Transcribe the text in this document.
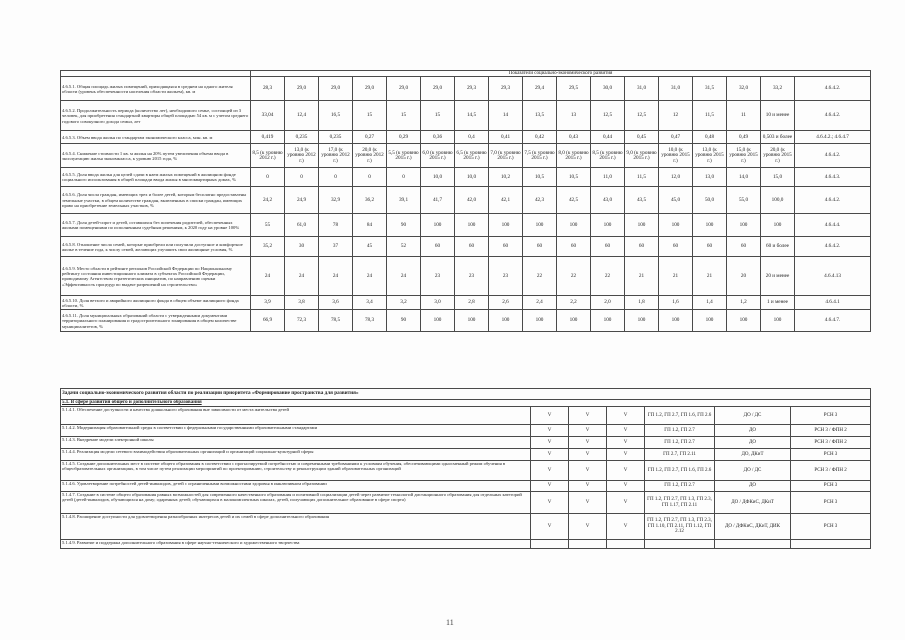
	Показатели социально-экономического развития																
4.6.5.1. Общая площадь жилых помещений, приходящаяся в среднем на одного жителя области (уровень обеспеченности населения области жильем), кв. м	28,3	29,0	29,0	29,0	29,0	29,0	29,3	29,3	29,4	29,5	30,0	31,0	31,0	31,5	32,0	33,2	4.6.4.2.
4.6.5.2. Продолжительность периода (количество лет), необходимого семье, состоящей из 3 человек, для приобретения стандартной квартиры общей площадью 54 кв. м с учетом среднего годового совокупного дохода семьи, лет	33,04	12,4	16,5	15	15	15	14,5	14	13,5	13	12,5	12,5	12	11,5	11	10 и менее	4.6.4.2.
4.6.5.3. Объем ввода жилья по стандартам экономического класса, млн. кв. м	0,419	0,235	0,235	0,27	0,29	0,36	0,4	0,41	0,42	0,43	0,44	0,45	0,47	0,48	0,49	0,503 и более	4.6.4.2.; 4.6.4.7
4.6.5.4. Снижение стоимости 1 кв. м жилья на 20% путем увеличения объема ввода в эксплуатацию жилья экономкласса, к уровню 2015 года, %	8,5 (к уровню 2012 г.)	13,0 (к уровню 2012 г.)	17,0 (к уровню 2012 г.)	20,0 (к уровню 2012 г.)	5,5 (к уровню 2015 г.)	6,0 (к уровню 2015 г.)	6,5 (к уровню 2015 г.)	7,0 (к уровню 2015 г.)	7,5 (к уровню 2015 г.)	8,0 (к уровню 2015 г.)	8,5 (к уровню 2015 г.)	9,0 (к уровню 2015 г.)	10,0 (к уровню 2015 г.)	13,0 (к уровню 2015 г.)	15,0 (к уровню 2015 г.)	20,0 (к уровню 2015 г.)	4.6.4.2.
4.6.5.5. Доля ввода жилья для целей сдачи в наем жилых помещений в жилищном фонде социального использования в общей площади ввода жилья в многоквартирных домах, %	0	0	0	0	0	10,0	10,0	10,2	10,5	10,5	11,0	11,5	12,0	13,0	14,0	15,0	4.6.4.3.
4.6.5.6. Доля числа граждан, имеющих трех и более детей, которым бесплатно предоставлены земельные участки, в общем количестве граждан, включенных в списки граждан, имеющих право на приобретение земельных участков, %	24,2	24,9	32,9	36,2	39,1	41,7	42,0	42,1	42,3	42,5	43,0	43,5	45,0	50,0	55,0	100,0	4.6.4.2.
4.6.5.7. Доля детей-сирот и детей, оставшихся без попечения родителей, обеспеченных жилыми помещениями по исполненным судебным решениям, к 2020 году на уровне 100%	55	61,0	78	84	90	100	100	100	100	100	100	100	100	100	100	100	4.6.4.4.
4.6.5.8. Отношение числа семей, которые приобрели или получили доступное и комфортное жилье в течение года, к числу семей, желающих улучшить свои жилищные условия, %	35,2	30	37	45	52	60	60	60	60	60	60	60	60	60	60	60 и более	4.6.4.2.
4.6.5.9. Место области в рейтинге регионов Российской Федерации по Национальному рейтингу состояния инвестиционного климата в субъектах Российской Федерации, проводимому Агентством стратегических инициатив, по направлению оценки «Эффективность процедур по выдаче разрешений на строительство»	24	24	24	24	24	23	23	23	22	22	22	21	21	21	20	20 и менее	4.6.4.13
4.6.5.10. Доля ветхого и аварийного жилищного фонда в общем объеме жилищного фонда области, %	3,9	3,8	3,6	3,4	3,2	3,0	2,8	2,6	2,4	2,2	2,0	1,8	1,6	1,4	1,2	1 и менее	4.6.4.1
4.6.5.11. Доля муниципальных образований области с утвержденными документами территориального планирования и градостроительного зонирования в общем количестве муниципалитетов, %	66,9	72,3	78,5	78,3	90	100	100	100	100	100	100	100	100	100	100	100	4.6.4.7.
Задачи социально-экономического развития области по реализации приоритета «Формирование пространства для развития»						
5.1. В сфере развития общего и дополнительного образования						
5.1.4.1. Обеспечение доступности и качества дошкольного образования вне зависимости от места жительства детей	V	V	V	ГП 1.2, ГП 2.7, ГП 1.6, ГП 2.6	ДО / ДС	РСН 3
5.1.4.2. Модернизация образовательной среды в соответствии с федеральными государственными образовательными стандартами	V	V	V	ГП 1.2, ГП 2.7	ДО	РСН 3 / ФПН 2
5.1.4.3. Внедрение модели электронной школы	V	V	V	ГП 1.2, ГП 2.7	ДО	РСН 3 / ФПН 2
5.1.4.4. Реализация модели сетевого взаимодействия образовательных организаций и организаций социально-культурной сферы	V	V	V	ГП 2.7, ГП 2.11	ДО, ДКиТ	РСН 3
5.1.4.5. Создание дополнительных мест в системе общего образования в соответствии с прогнозируемой потребностью и современными требованиями к условиям обучения, обеспечивающими односменный режим обучения в общеобразовательных организациях, в том числе путем реализации мероприятий по проектированию, строительству и реконструкции зданий образовательных организаций	V	V	V	ГП 1.2, ГП 2.7, ГП 1.6, ГП 2.6	ДО / ДС	РСН 3 / ФПН 2
5.1.4.6. Удовлетворение потребностей детей-инвалидов, детей с ограниченными возможностями здоровья в инклюзивном образовании	V	V	V	ГП 1.2, ГП 2.7	ДО	РСН 3
5.1.4.7. Создание в системе общего образования равных возможностей для современного качественного образования и позитивной социализации детей через развитие технологий дистанционного образования для отдельных категорий детей (детей-инвалидов, обучающихся на дому; одаренных детей; обучающихся в малокомплектных школах, детей, получающих дополнительное образование в сфере спорта)	V	V	V	ГП 1.2, ГП 2.7, ГП 1.3, ГП 2.3, ГП 1.17, ГП 2.11	ДО / ДФКиС, ДКиТ	РСН 3
5.1.4.8. Расширение доступности для удовлетворения разнообразных интересов детей и их семей в сфере дополнительного образования	V	V	V	ГП 1.2, ГП 2.7, ГП 1.3, ГП 2.3, ГП 1.10, ГП 2.11, ГП 1.12, ГП 2.12	ДО / ДФКиС, ДКиТ, ДИК	РСН 3
5.1.4.9. Развитие и поддержка дополнительного образования в сфере научно-технического и художественного творчества						
11
